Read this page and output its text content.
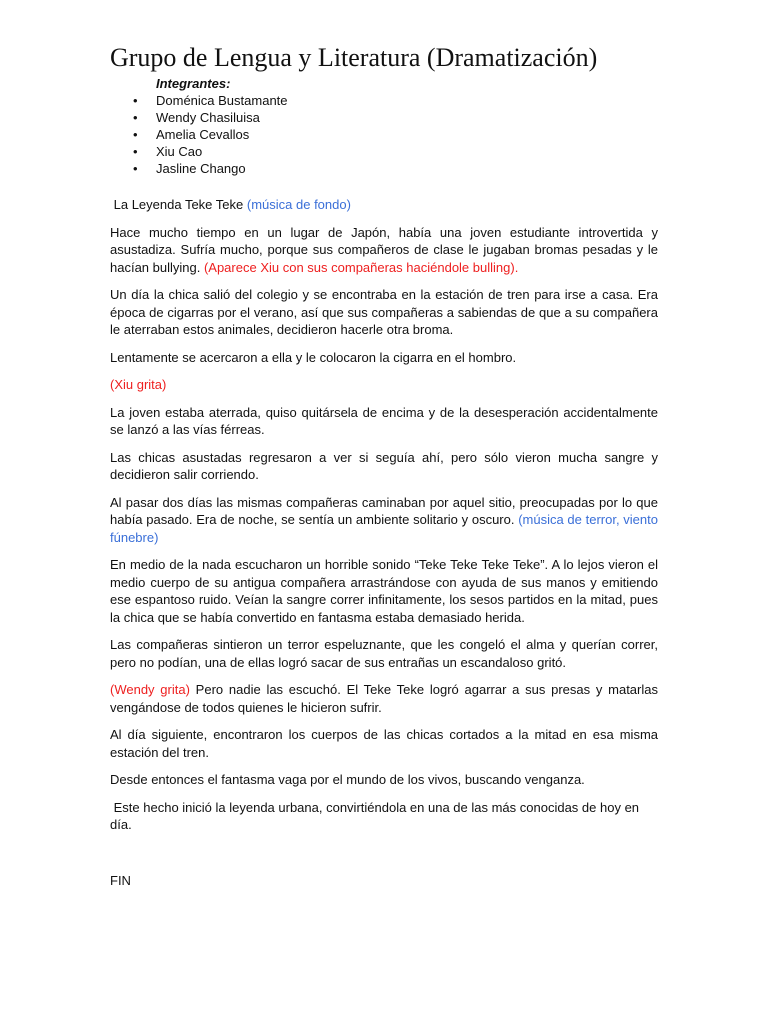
Grupo de Lengua y Literatura (Dramatización)
Integrantes:
• Doménica Bustamante
• Wendy Chasiluisa
• Amelia Cevallos
• Xiu Cao
• Jasline Chango

La Leyenda Teke Teke (música de fondo)

Hace mucho tiempo en un lugar de Japón, había una joven estudiante introvertida y asustadiza. Sufría mucho, porque sus compañeros de clase le jugaban bromas pesadas y le hacían bullying. (Aparece Xiu con sus compañeras haciéndole bulling).

Un día la chica salió del colegio y se encontraba en la estación de tren para irse a casa. Era época de cigarras por el verano, así que sus compañeras a sabiendas de que a su compañera le aterraban estos animales, decidieron hacerle otra broma.

Lentamente se acercaron a ella y le colocaron la cigarra en el hombro.

(Xiu grita)

La joven estaba aterrada, quiso quitársela de encima y de la desesperación accidentalmente se lanzó a las vías férreas.

Las chicas asustadas regresaron a ver si seguía ahí, pero sólo vieron mucha sangre y decidieron salir corriendo.

Al pasar dos días las mismas compañeras caminaban por aquel sitio, preocupadas por lo que había pasado. Era de noche, se sentía un ambiente solitario y oscuro. (música de terror, viento fúnebre)

En medio de la nada escucharon un horrible sonido “Teke Teke Teke Teke”. A lo lejos vieron el medio cuerpo de su antigua compañera arrastrándose con ayuda de sus manos y emitiendo ese espantoso ruido. Veían la sangre correr infinitamente, los sesos partidos en la mitad, pues la chica que se había convertido en fantasma estaba demasiado herida.

Las compañeras sintieron un terror espeluznante, que les congeló el alma y querían correr, pero no podían, una de ellas logró sacar de sus entrañas un escandaloso gritó.

(Wendy grita) Pero nadie las escuchó. El Teke Teke logró agarrar a sus presas y matarlas vengándose de todos quienes le hicieron sufrir.

Al día siguiente, encontraron los cuerpos de las chicas cortados a la mitad en esa misma estación del tren.

Desde entonces el fantasma vaga por el mundo de los vivos, buscando venganza.

Este hecho inició la leyenda urbana, convirtiéndola en una de las más conocidas de hoy en día.

FIN
